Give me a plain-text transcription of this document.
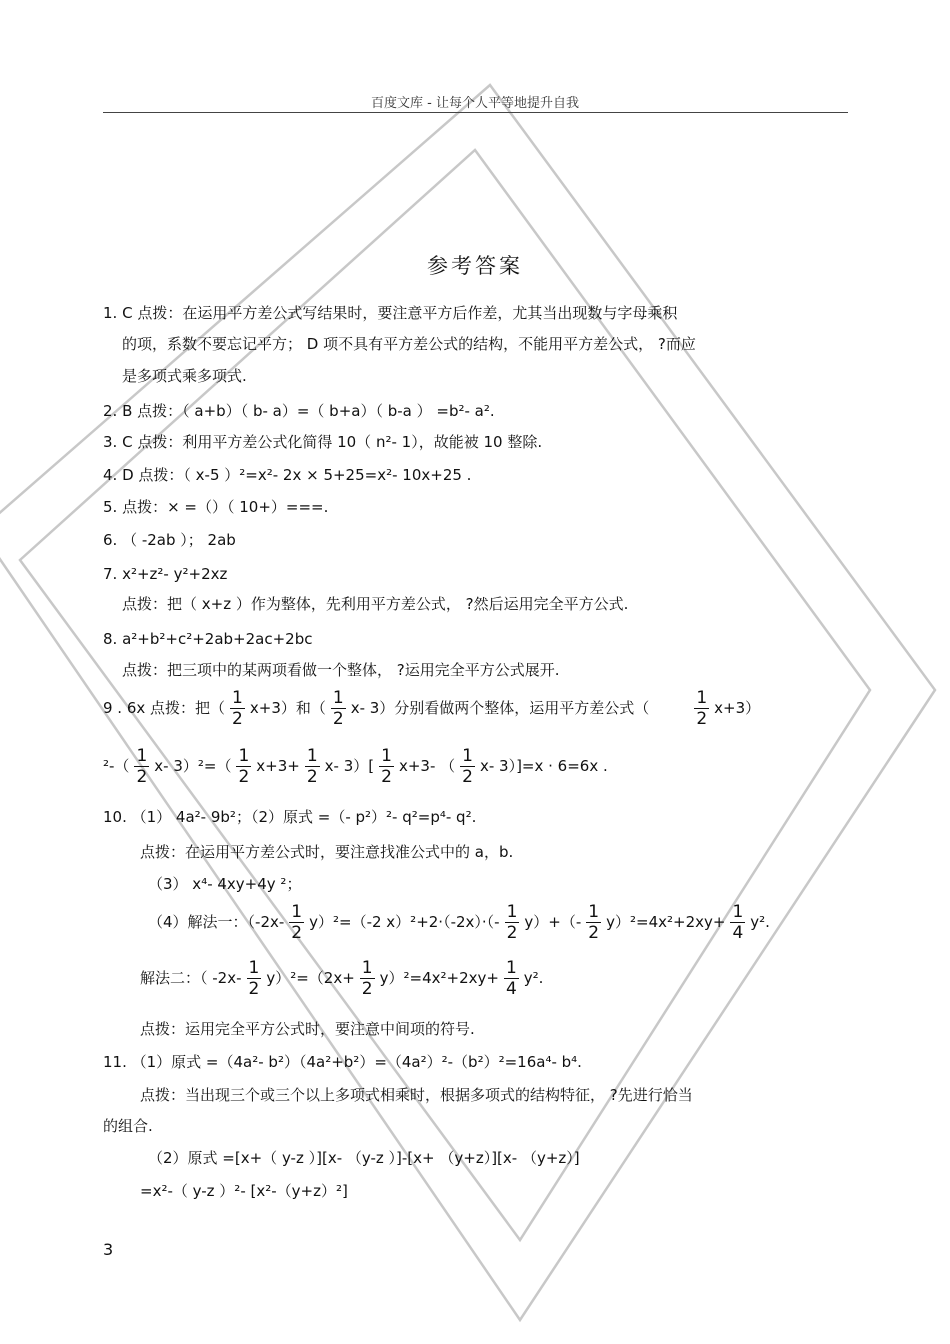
百度文库 - 让每个人平等地提升自我
参考答案
1. C 点拨：在运用平方差公式写结果时，要注意平方后作差，尤其当出现数与字母乘积
的项，系数不要忘记平方； D 项不具有平方差公式的结构，不能用平方差公式， ?而应
是多项式乘多项式.
2. B 点拨：（ a+b）（ b- a）=（ b+a）（ b-a ） =b²- a².
3. C 点拨：利用平方差公式化简得 10（ n²- 1），故能被 10 整除.
4. D 点拨：（ x-5 ）²=x²- 2x × 5+25=x²- 10x+25 .
5. 点拨：× =（）（ 10+）===.
6. （ -2ab ）； 2ab
7. x²+z²- y²+2xz
点拨：把（ x+z ）作为整体，先利用平方差公式， ?然后运用完全平方公式.
8. a²+b²+c²+2ab+2ac+2bc
点拨：把三项中的某两项看做一个整体， ?运用完全平方公式展开.
9 . 6x 点拨：把（ $\frac{1}{2} x+3$）和（ $\frac{1}{2} x-$ 3）分别看做两个整体，运用平方差公式（	$\frac{1}{2} x+3$）
$^2-( \frac{1}{2} x-$ $3)^2=( \frac{1}{2} x+3+ \frac{1}{2} x-$ $3)[ \frac{1}{2} x+3-$ （ $\frac{1}{2} x-$ 3）]=x · 6=6x .
10. （1） 4a²- 9b²；（2）原式 =（- p²）²- q²=p⁴- q².
点拨：在运用平方差公式时，要注意找准公式中的 a，b.
（3） x⁴- 4xy+4y ²；
（4）解法一：$(-2x- \frac{1}{2} y)^2=(-2$ $x)^2+2\cdot(-2x)\cdot(- \frac{1}{2} y)+(- \frac{1}{2} y)^2=4x^2+2xy+ \frac{1}{4} y^2$.
解法二：（ $-2x- \frac{1}{2} y)^2=(2x+ \frac{1}{2} y)^2=4x^2+2xy+ \frac{1}{4} y^2$.
点拨：运用完全平方公式时，要注意中间项的符号.
11. （1）原式 =（4a²- b²）（4a²+b²）=（4a²）²-（b²）²=16a⁴- b⁴.
点拨：当出现三个或三个以上多项式相乘时，根据多项式的结构特征， ?先进行恰当
的组合.
（2）原式 =[x+（ y-z ）][x- （y-z ）]-[x+ （y+z）][x- （y+z）]
=x²-（ y-z ）²- [x²-（y+z）²]
3
